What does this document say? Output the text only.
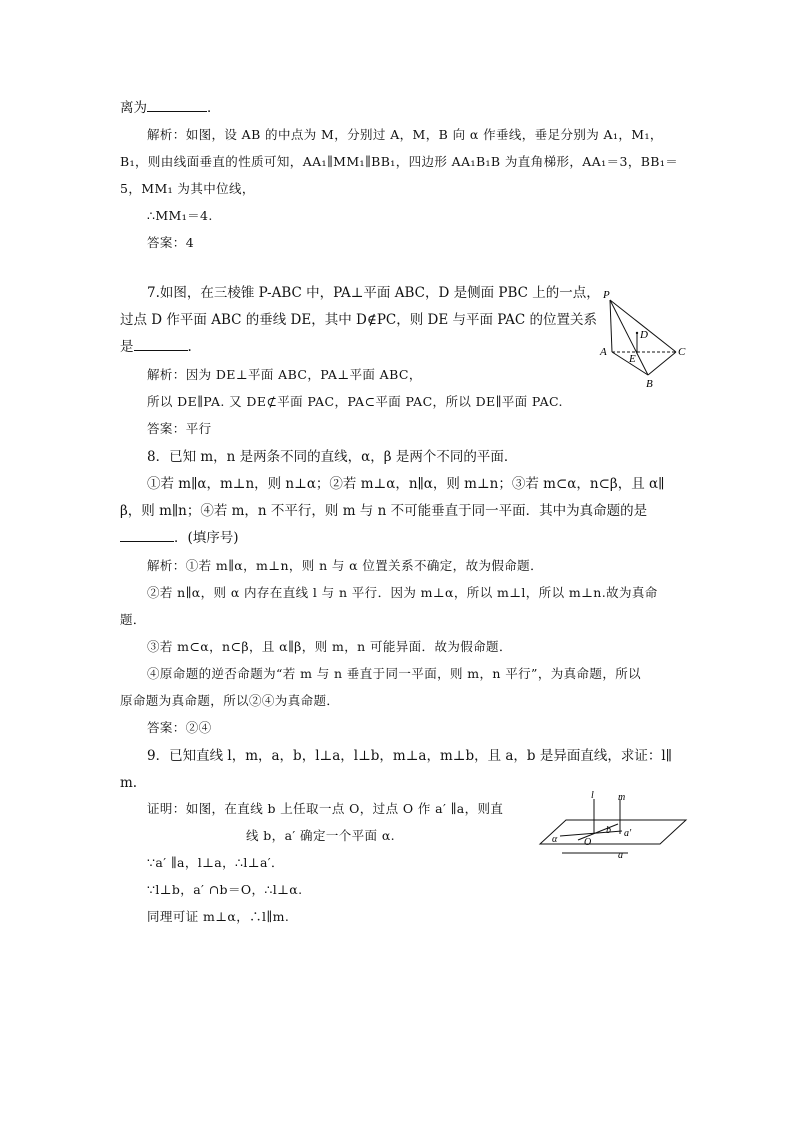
离为	．
解析：如图，设 AB 的中点为 M，分别过 A，M，B 向 α 作垂线，垂足分别为 A₁，M₁，
B₁，则由线面垂直的性质可知，AA₁∥MM₁∥BB₁，四边形 AA₁B₁B 为直角梯形，AA₁＝3，BB₁＝
5，MM₁ 为其中位线，
∴MM₁＝4.
答案：4
7.如图，在三棱锥 P-ABC 中，PA⊥平面 ABC，D 是侧面 PBC 上的一点，
过点 D 作平面 ABC 的垂线 DE，其中 D∉PC，则 DE 与平面 PAC 的位置关系
是	.
解析：因为 DE⊥平面 ABC，PA⊥平面 ABC，
所以 DE∥PA. 又 DE⊄平面 PAC，PA⊂平面 PAC，所以 DE∥平面 PAC.
答案：平行
P
A
B
C
D
E
8．已知 m，n 是两条不同的直线，α，β 是两个不同的平面．
①若 m∥α，m⊥n，则 n⊥α；②若 m⊥α，n∥α，则 m⊥n；③若 m⊂α，n⊂β，且 α∥
β，则 m∥n；④若 m，n 不平行，则 m 与 n 不可能垂直于同一平面．其中为真命题的是
．(填序号)
解析：①若 m∥α，m⊥n，则 n 与 α 位置关系不确定，故为假命题．
②若 n∥α，则 α 内存在直线 l 与 n 平行．因为 m⊥α，所以 m⊥l，所以 m⊥n.故为真命
题．
③若 m⊂α，n⊂β，且 α∥β，则 m，n 可能异面．故为假命题．
④原命题的逆否命题为“若 m 与 n 垂直于同一平面，则 m，n 平行”，为真命题，所以
原命题为真命题，所以②④为真命题．
答案：②④
9．已知直线 l，m，a，b，l⊥a，l⊥b，m⊥a，m⊥b，且 a，b 是异面直线，求证：l∥
m.
证明：如图，在直线 b 上任取一点 O，过点 O 作 a′ ∥a，则直
线 b，a′ 确定一个平面 α.
∵a′ ∥a，l⊥a，∴l⊥a′．
∵l⊥b，a′ ∩b＝O，∴l⊥α.
同理可证 m⊥α，∴l∥m.
l m
b a′
α	O
a
